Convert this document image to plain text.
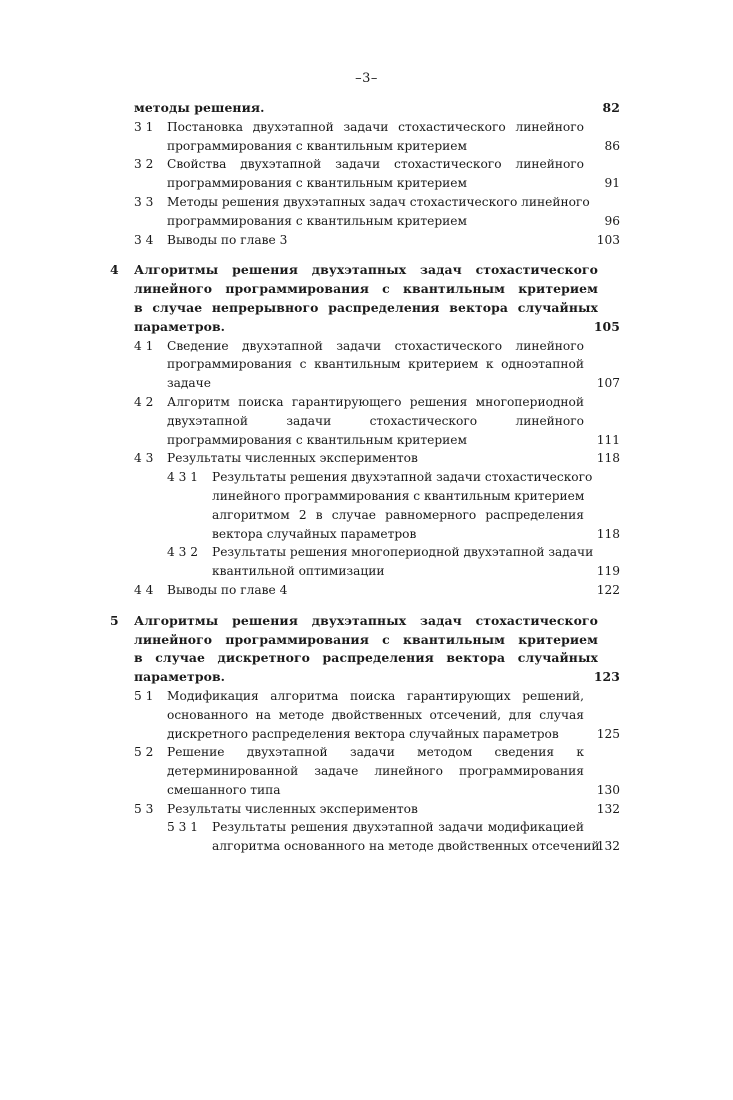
–3–
методы решения.	82
3 1 Постановка двухэтапной задачи стохастического линейного
программирования с квантильным критерием	86
3 2 Свойства двухэтапной задачи стохастического линейного
программирования с квантильным критерием	91
3 3 Методы решения двухэтапных задач стохастического линейного
программирования с квантильным критерием	96
3 4 Выводы по главе 3	103
4 Алгоритмы решения двухэтапных задач стохастического
линейного программирования с квантильным критерием
в случае непрерывного распределения вектора случайных
параметров.	105
4 1 Сведение двухэтапной задачи стохастического линейного
программирования с квантильным критерием к одноэтапной
задаче	107
4 2 Алгоритм поиска гарантирующего решения многопериодной
двухэтапной задачи стохастического линейного
программирования с квантильным критерием	111
4 3 Результаты численных экспериментов	118
4 3 1 Результаты решения двухэтапной задачи стохастического
линейного программирования с квантильным критерием
алгоритмом 2 в случае равномерного распределения
вектора случайных параметров	118
4 3 2 Результаты решения многопериодной двухэтапной задачи
квантильной оптимизации	119
4 4 Выводы по главе 4	122
5 Алгоритмы решения двухэтапных задач стохастического
линейного программирования с квантильным критерием
в случае дискретного распределения вектора случайных
параметров.	123
5 1 Модификация алгоритма поиска гарантирующих решений,
основанного на методе двойственных отсечений, для случая
дискретного распределения вектора случайных параметров	125
5 2 Решение двухэтапной задачи методом сведения к
детерминированной задаче линейного программирования
смешанного типа	130
5 3 Результаты численных экспериментов	132
5 3 1 Результаты решения двухэтапной задачи модификацией
алгоритма основанного на методе двойственных отсечений
132
